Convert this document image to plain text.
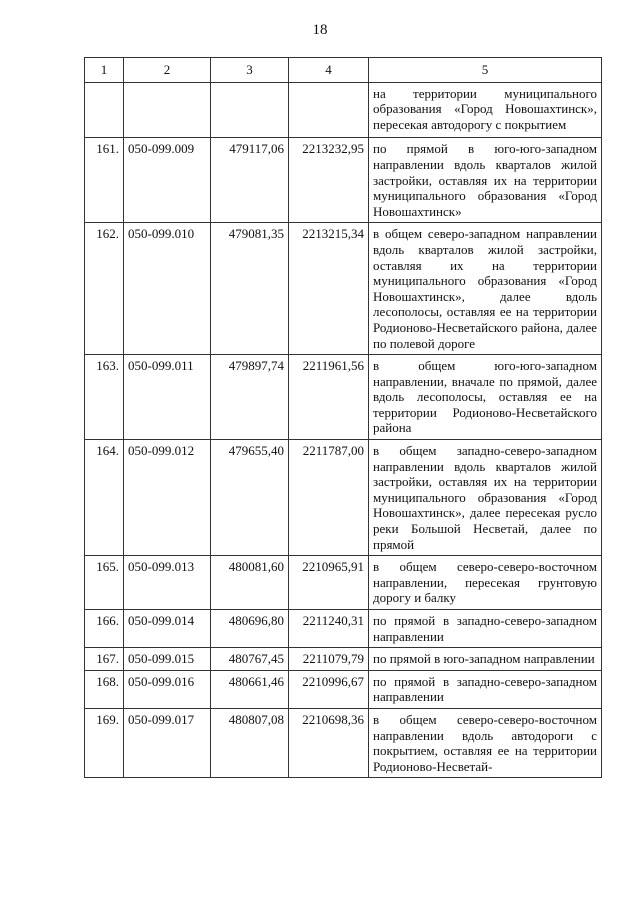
18
1	2	3	4	5
				на территории муниципального образования «Город Новошахтинск», пересекая автодорогу с покрытием
161.	050-099.009	479117,06	2213232,95	по прямой в юго-юго-западном направлении вдоль кварталов жилой застройки, оставляя их на территории муниципального образования «Город Новошахтинск»
162.	050-099.010	479081,35	2213215,34	в общем северо-западном направлении вдоль кварталов жилой застройки, оставляя их на территории муниципального образования «Город Новошахтинск», далее вдоль лесополосы, оставляя ее на территории Родионово-Несветайского района, далее по полевой дороге
163.	050-099.011	479897,74	2211961,56	в общем юго-юго-западном направлении, вначале по прямой, далее вдоль лесополосы, оставляя ее на территории Родионово-Несветайского района
164.	050-099.012	479655,40	2211787,00	в общем западно-северо-западном направлении вдоль кварталов жилой застройки, оставляя их на территории муниципального образования «Город Новошахтинск», далее пересекая русло реки Большой Несветай, далее по прямой
165.	050-099.013	480081,60	2210965,91	в общем северо-северо-восточном направлении, пересекая грунтовую дорогу и балку
166.	050-099.014	480696,80	2211240,31	по прямой в западно-северо-западном направлении
167.	050-099.015	480767,45	2211079,79	по прямой в юго-западном направлении
168.	050-099.016	480661,46	2210996,67	по прямой в западно-северо-западном направлении
169.	050-099.017	480807,08	2210698,36	в общем северо-северо-восточном направлении вдоль автодороги с покрытием, оставляя ее на территории Родионово-Несветай-
